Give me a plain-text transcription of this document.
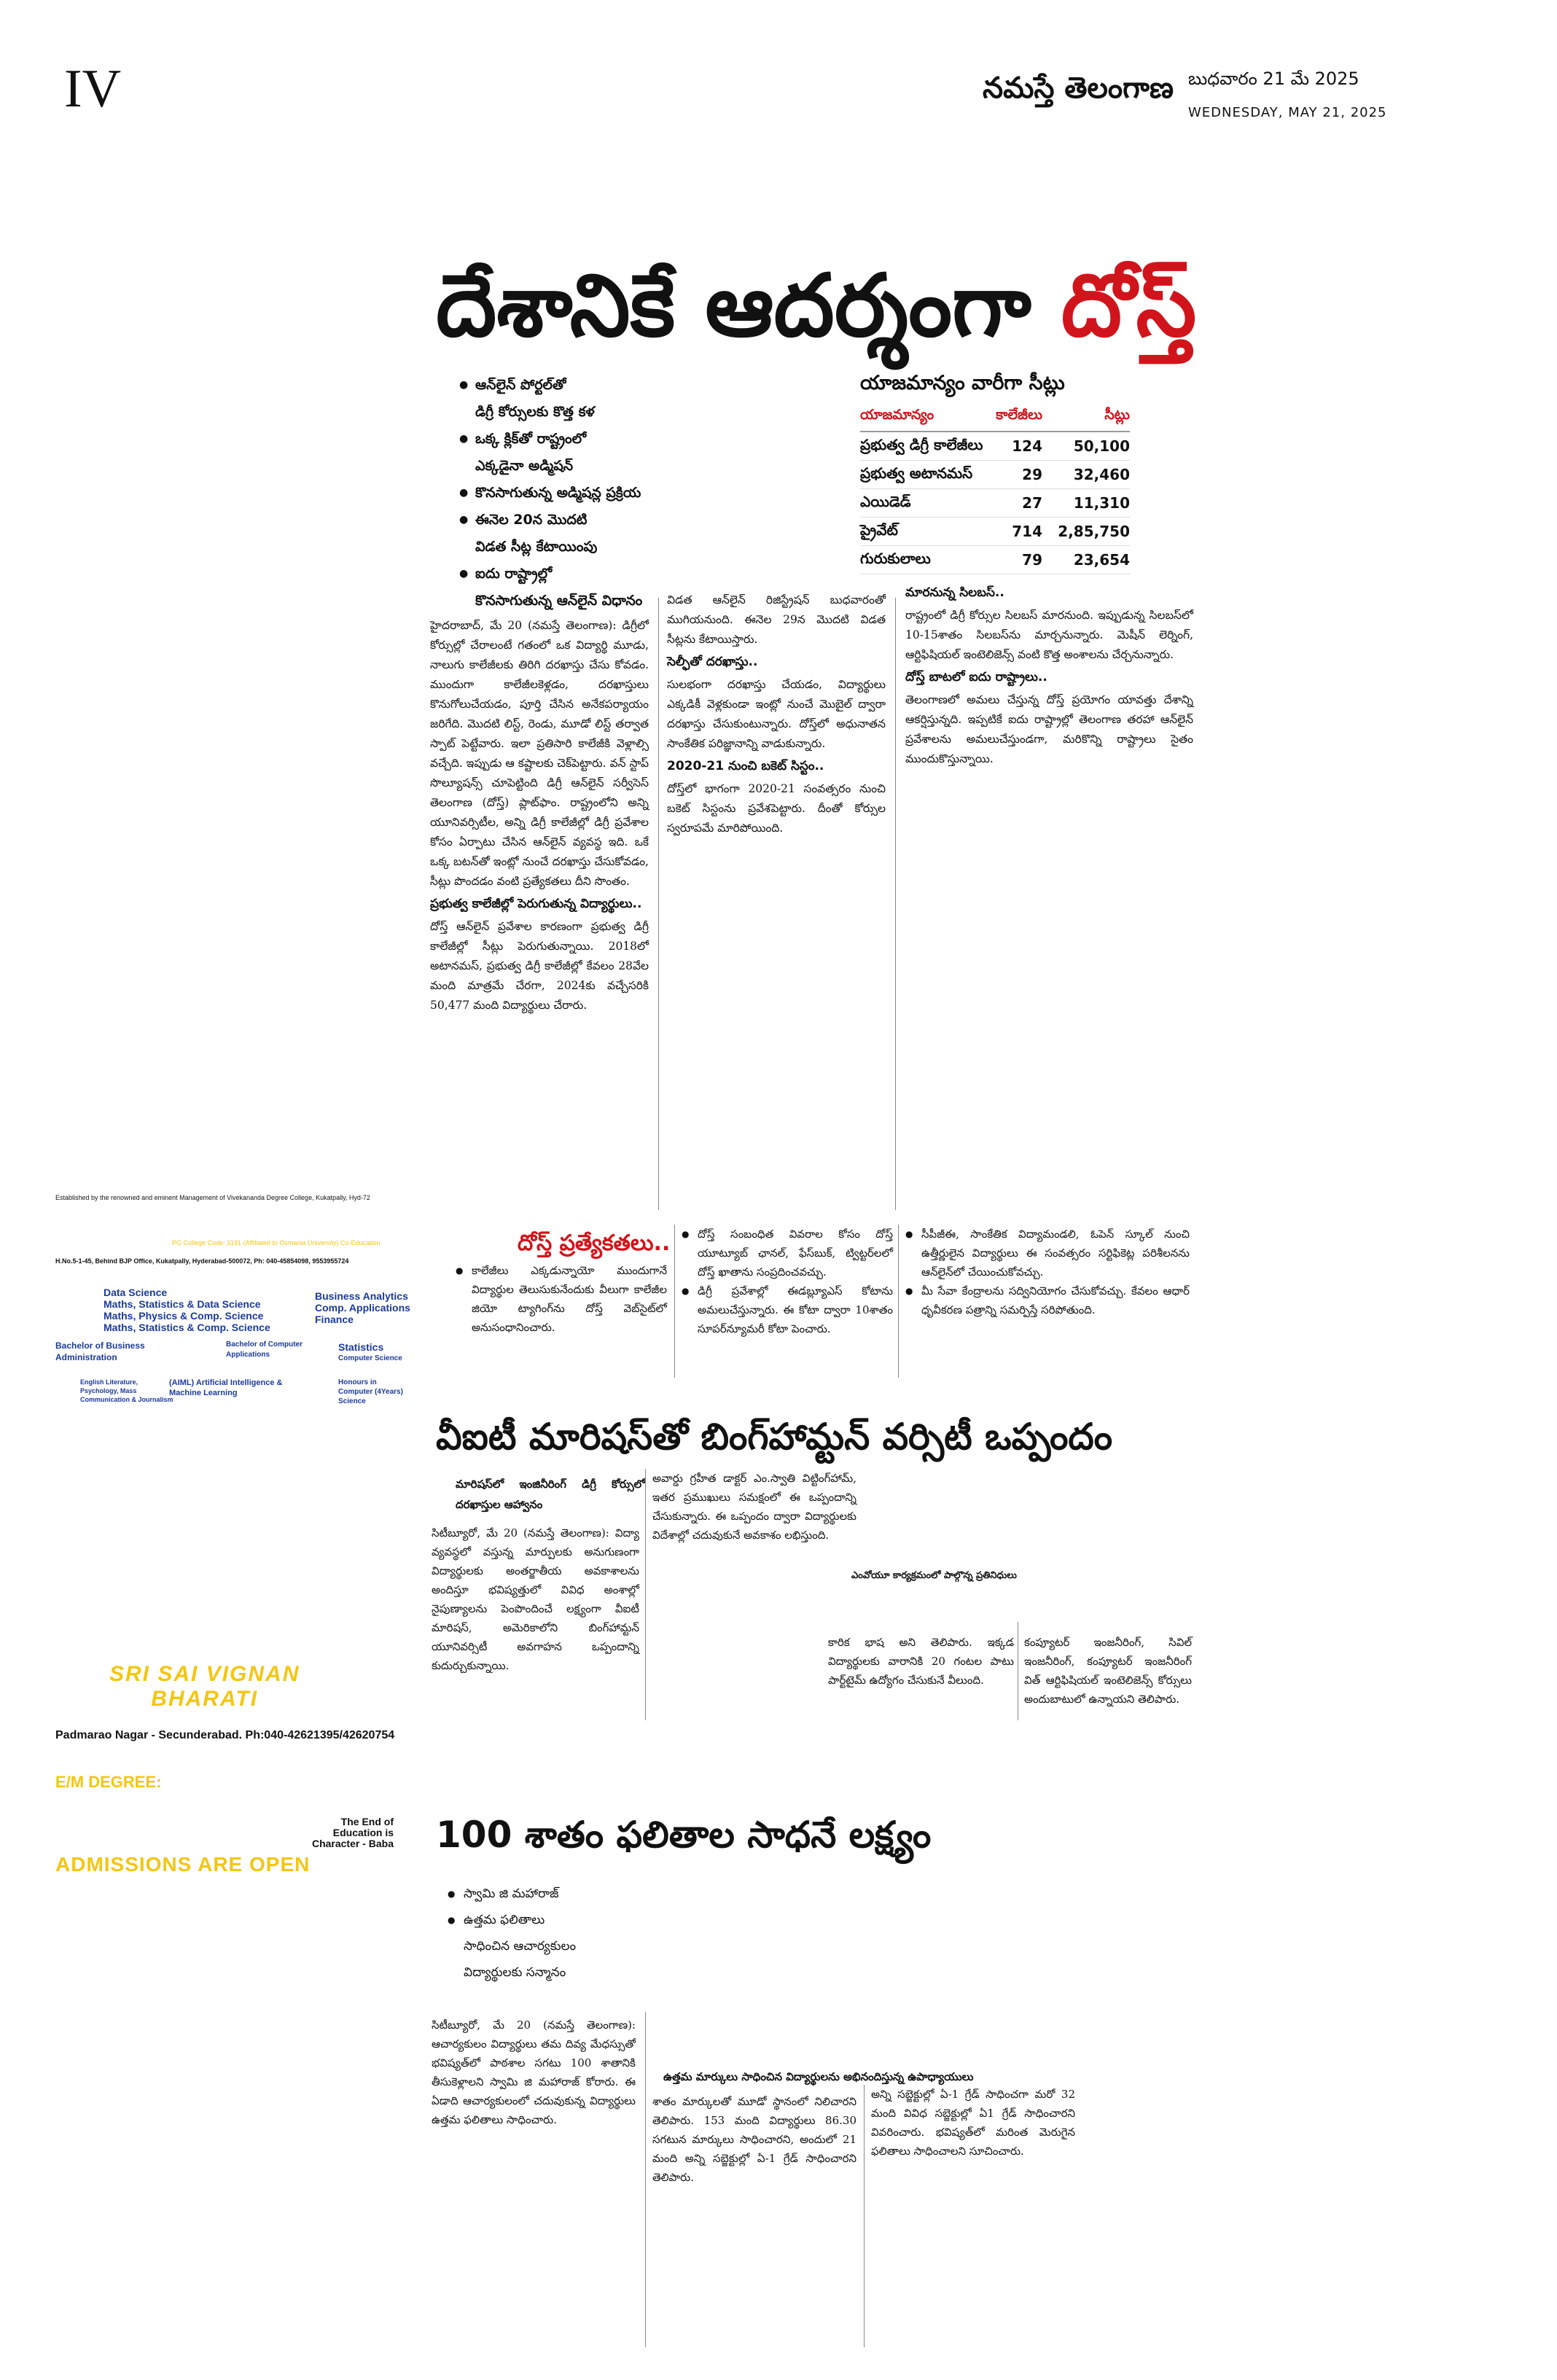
IV	నమస్తే తెలంగాణ బుధవారం 21 మే 2025
WEDNESDAY, MAY 21, 2025
దేశానికే ఆదర్శంగా దోస్త్
● ఆన్‌లైన్ పోర్టల్‌తో
డిగ్రీ కోర్సులకు కొత్త కళ
● ఒక్క క్లిక్‌తో రాష్ట్రంలో
ఎక్కడైనా అడ్మిషన్
● కొనసాగుతున్న అడ్మిషన్ల ప్రక్రియ
● ఈనెల 20న మొదటి
విడత సీట్ల కేటాయింపు
● ఐదు రాష్ట్రాల్లో
కొనసాగుతున్న ఆన్‌లైన్ విధానం
యాజమాన్యం వారీగా సీట్లు
యాజమాన్యం	కాలేజీలు	సీట్లు
ప్రభుత్వ డిగ్రీ కాలేజీలు	124	50,100
ప్రభుత్వ అటానమస్	29	32,460
ఎయిడెడ్	27	11,310
ప్రైవేట్	714	2,85,750
గురుకులాలు	79	23,654

హైదరాబాద్, మే 20 (నమస్తే తెలంగాణ): డిగ్రీలో కోర్సుల్లో చేరాలంటే గతంలో ఒక విద్యార్థి మూడు, నాలుగు కాలేజీలకు తిరిగి దరఖాస్తు చేసు కోవడం. ముందుగా కాలేజీలకెళ్లడం, దరఖాస్తులు కొనుగోలుచేయడం, పూర్తి చేసిన అనేకపర్యాయం జరిగేది. మొదటి లిస్ట్, రెండు, మూడో లిస్ట్ తర్వాత స్పాట్ పెట్టేవారు. ఇలా ప్రతిసారి కాలేజీకి వెళ్లాల్సి వచ్చేది. ఇప్పుడు ఆ కష్టాలకు చెక్‌పెట్టారు. వన్ స్టాప్ సొల్యూషన్స్ చూపెట్టింది డిగ్రీ ఆన్‌లైన్ సర్వీసెస్ తెలంగాణ (దోస్త్) ప్లాట్‌ఫాం. రాష్ట్రంలోని అన్ని యూనివర్సిటీల, అన్ని డిగ్రీ కాలేజీల్లో డిగ్రీ ప్రవేశాల కోసం ఏర్పాటు చేసిన ఆన్‌లైన్ వ్యవస్థ ఇది. ఒకే ఒక్క బటన్‌తో ఇంట్లో నుంచే దరఖాస్తు చేసుకోవడం, సీట్లు పొందడం వంటి ప్రత్యేకతలు దీని సొంతం.

ప్రభుత్వ కాలేజీల్లో పెరుగుతున్న విద్యార్థులు..

దోస్త్ ఆన్‌లైన్ ప్రవేశాల కారణంగా ప్రభుత్వ డిగ్రీ కాలేజీల్లో సీట్లు పెరుగుతున్నాయి. 2018లో అటానమస్, ప్రభుత్వ డిగ్రీ కాలేజీల్లో కేవలం 28వేల మంది మాత్రమే చేరగా, 2024కు వచ్చేసరికి 50,477 మంది విద్యార్థులు చేరారు.

విడత ఆన్‌లైన్ రిజిస్ట్రేషన్ బుధవారంతో ముగియనుంది. ఈనెల 29న మొదటి విడత సీట్లను కేటాయిస్తారు.

సెల్ఫీతో దరఖాస్తు..

సులభంగా దరఖాస్తు చేయడం, విద్యార్థులు ఎక్కడికీ వెళ్లకుండా ఇంట్లో నుంచే మొబైల్ ద్వారా దరఖాస్తు చేసుకుంటున్నారు. దోస్త్‌లో అధునాతన సాంకేతిక పరిజ్ఞానాన్ని వాడుకున్నారు.

2020-21 నుంచి బకెట్ సిస్టం..

దోస్త్‌లో భాగంగా 2020-21 సంవత్సరం నుంచి బకెట్ సిస్టంను ప్రవేశపెట్టారు. దీంతో కోర్సుల స్వరూపమే మారిపోయింది.

మారనున్న సిలబస్..

రాష్ట్రంలో డిగ్రీ కోర్సుల సిలబస్ మారనుంది. ఇప్పుడున్న సిలబస్‌లో 10-15శాతం సిలబస్‌ను మార్చనున్నారు. మెషీన్ లెర్నింగ్, ఆర్టిఫిషియల్ ఇంటెలిజెన్స్ వంటి కొత్త అంశాలను చేర్చనున్నారు.

దోస్త్ బాటలో ఐదు రాష్ట్రాలు..

తెలంగాణలో అమలు చేస్తున్న దోస్త్ ప్రయోగం యావత్తు దేశాన్ని ఆకర్షిస్తున్నది. ఇప్పటికే ఐదు రాష్ట్రాల్లో తెలంగాణ తరహా ఆన్‌లైన్ ప్రవేశాలను అమలుచేస్తుండగా, మరికొన్ని రాష్ట్రాలు సైతం ముందుకొస్తున్నాయి.

దోస్త్ ప్రత్యేకతలు..
● కాలేజీలు ఎక్కడున్నాయో ముందుగానే విద్యార్థుల తెలుసుకునేందుకు వీలుగా కాలేజీల జియో ట్యాగింగ్‌ను దోస్త్ వెబ్‌సైట్‌లో అనుసంధానించారు.
● దోస్త్ సంబంధిత వివరాల కోసం దోస్త్ యూట్యూబ్ ఛానల్, ఫేస్‌బుక్, ట్విట్టర్‌లలో దోస్త్ ఖాతాను సంప్రదించవచ్చు.
● డిగ్రీ ప్రవేశాల్లో ఈడబ్ల్యూఎస్ కోటాను అమలుచేస్తున్నారు. ఈ కోటా ద్వారా 10శాతం సూపర్‌న్యూమరీ కోటా పెంచారు.
● సీపీజీఈ, సాంకేతిక విద్యామండలి, ఓపెన్ స్కూల్ నుంచి ఉత్తీర్ణులైన విద్యార్థులు ఈ సంవత్సరం సర్టిఫికెట్ల పరిశీలనను ఆన్‌లైన్‌లో చేయించుకోవచ్చు.
● మీ సేవా కేంద్రాలను సద్వినియోగం చేసుకోవచ్చు. కేవలం ఆధార్ ధృవీకరణ పత్రాన్ని సమర్పిస్తే సరిపోతుంది.
Established by the renowned and eminent Management of Vivekananda Degree College, Kukatpally, Hyd-72
PG College Code: 3191 (Affiliated to Osmania University) Co-Education
H.No.5-1-45, Behind BJP Office, Kukatpally, Hyderabad-500072, Ph: 040-45854098, 9553955724
Data Science
Maths, Statistics & Data Science
Maths, Physics & Comp. Science
Maths, Statistics & Comp. Science
Business Analytics
Comp. Applications
Finance
Bachelor of Business Administration
Bachelor of Computer Applications
Statistics
Computer Science
English Literature, Psychology, Mass Communication & Journalism
(AIML) Artificial Intelligence & Machine Learning
Honours in Computer (4Years) Science
వీఐటీ మారిషస్‌తో బింగ్‌హామ్టన్ వర్సిటీ ఒప్పందం
మారిషస్‌లో ఇంజినీరింగ్ డిగ్రీ కోర్సులో దరఖాస్తుల ఆహ్వానం
సిటీబ్యూరో, మే 20 (నమస్తే తెలంగాణ): విద్యా వ్యవస్థలో వస్తున్న మార్పులకు అనుగుణంగా విద్యార్థులకు అంతర్జాతీయ అవకాశాలను అందిస్తూ భవిష్యత్తులో వివిధ అంశాల్లో నైపుణ్యాలను పెంపొందించే లక్ష్యంగా వీఐటీ మారిషస్, అమెరికాలోని బింగ్‌హామ్టన్ యూనివర్సిటీ అవగాహన ఒప్పందాన్ని కుదుర్చుకున్నాయి.
అవార్డు గ్రహీత డాక్టర్ ఎం.స్వాతి విట్టింగ్‌హామ్, ఇతర ప్రముఖులు సమక్షంలో ఈ ఒప్పందాన్ని చేసుకున్నారు. ఈ ఒప్పందం ద్వారా విద్యార్థులకు విదేశాల్లో చదువుకునే అవకాశం లభిస్తుంది.
ఎంవోయూ కార్యక్రమంలో పాల్గొన్న ప్రతినిధులు
కారిక భాష అని తెలిపారు. ఇక్కడ విద్యార్థులకు వారానికి 20 గంటల పాటు పార్ట్‌టైమ్ ఉద్యోగం చేసుకునే వీలుంది.
కంప్యూటర్ ఇంజనీరింగ్, సివిల్ ఇంజనీరింగ్, కంప్యూటర్ ఇంజనీరింగ్ విత్ ఆర్టిఫిషియల్ ఇంటెలిజెన్స్ కోర్సులు అందుబాటులో ఉన్నాయని తెలిపారు.
SRI SAI VIGNAN
BHARATI
Padmarao Nagar - Secunderabad. Ph:040-42621395/42620754
E/M DEGREE:
The End of Education is Character - Baba
ADMISSIONS ARE OPEN
100 శాతం ఫలితాల సాధనే లక్ష్యం
● స్వామి జి మహారాజ్
● ఉత్తమ ఫలితాలు
సాధించిన ఆచార్యకులం
విద్యార్థులకు సన్మానం
సిటీబ్యూరో, మే 20 (నమస్తే తెలంగాణ): ఆచార్యకులం విద్యార్థులు తమ దివ్య మేధస్సుతో భవిష్యత్‌లో పాఠశాల సగటు 100 శాతానికి తీసుకెళ్లాలని స్వామి జి మహారాజ్ కోరారు. ఈ ఏడాది ఆచార్యకులంలో చదువుకున్న విద్యార్థులు ఉత్తమ ఫలితాలు సాధించారు.
ఉత్తమ మార్కులు సాధించిన విద్యార్థులను అభినందిస్తున్న ఉపాధ్యాయులు
శాతం మార్కులతో మూడో స్థానంలో నిలిచారని తెలిపారు. 153 మంది విద్యార్థులు 86.30 సగటున మార్కులు సాధించారని, అందులో 21 మంది అన్ని సబ్జెక్టుల్లో ఏ-1 గ్రేడ్ సాధించారని తెలిపారు.
అన్ని సబ్జెక్టుల్లో ఏ-1 గ్రేడ్ సాధించగా మరో 32 మంది వివిధ సబ్జెక్టుల్లో ఏ1 గ్రేడ్ సాధించారని వివరించారు. భవిష్యత్‌లో మరింత మెరుగైన ఫలితాలు సాధించాలని సూచించారు.
